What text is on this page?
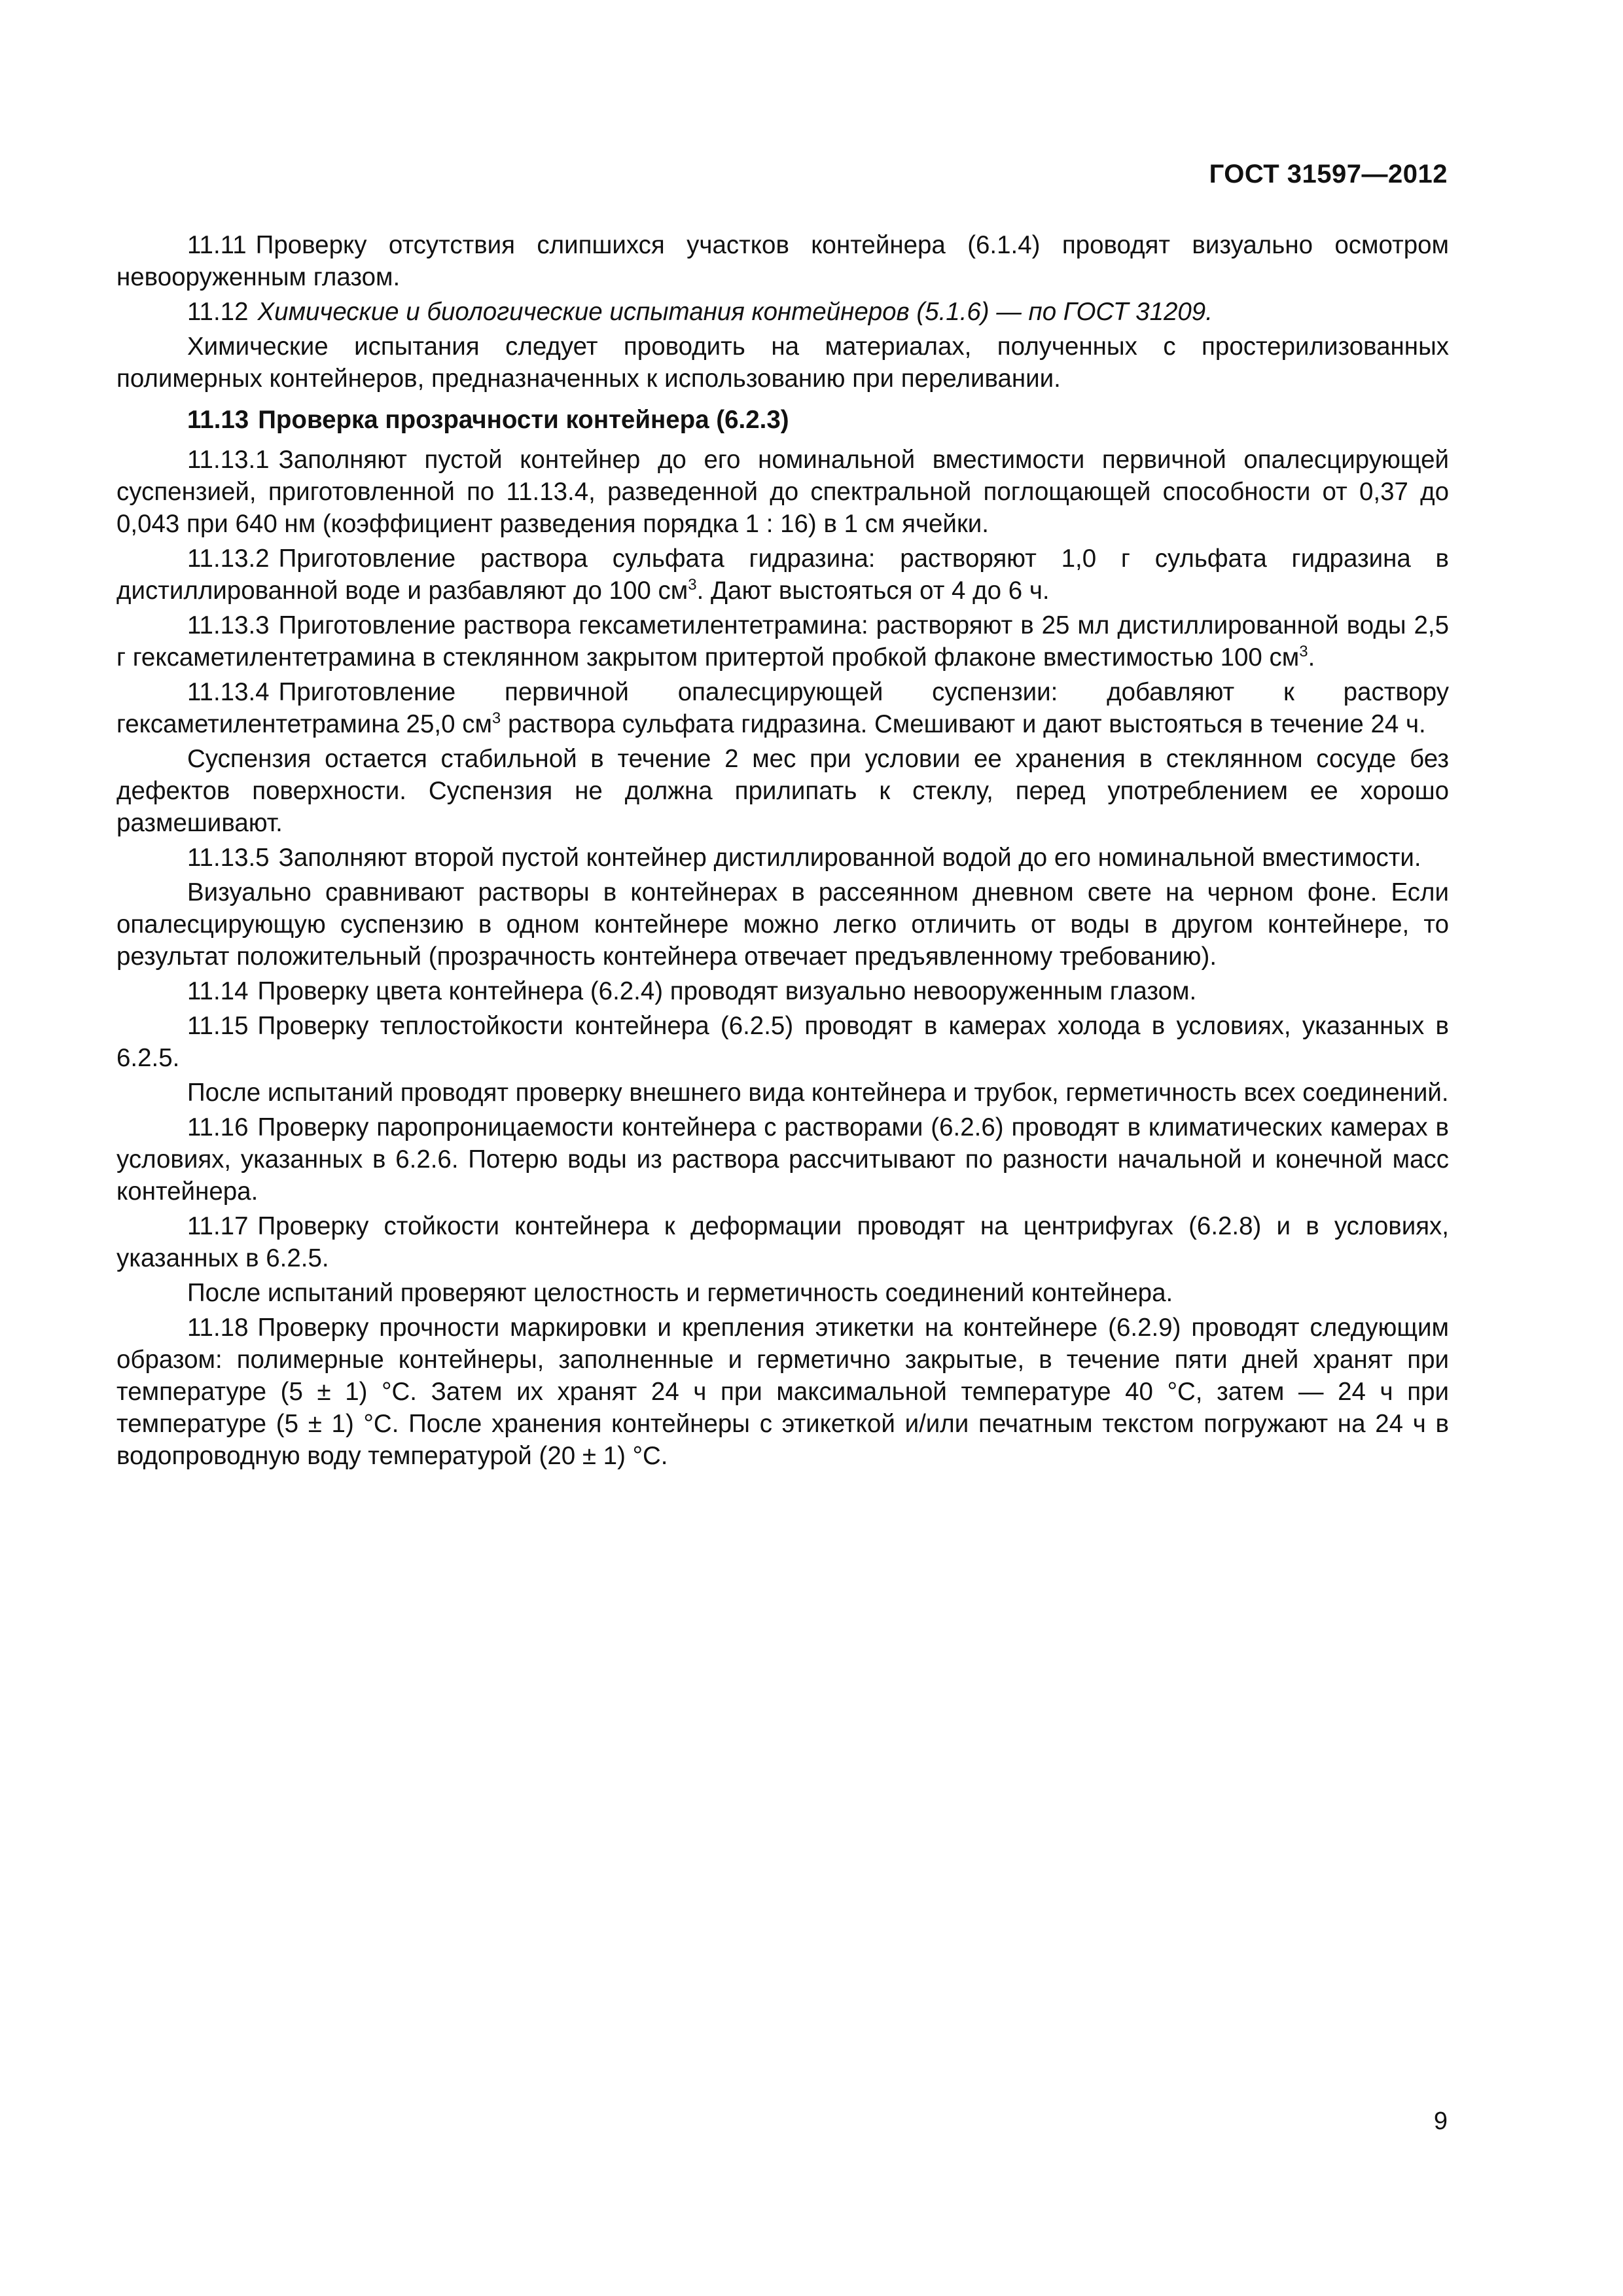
ГОСТ 31597—2012

11.11 Проверку отсутствия слипшихся участков контейнера (6.1.4) проводят визуально осмотром невооруженным глазом.

11.12 Химические и биологические испытания контейнеров (5.1.6) — по ГОСТ 31209.

Химические испытания следует проводить на материалах, полученных с простерилизованных полимерных контейнеров, предназначенных к использованию при переливании.

11.13 Проверка прозрачности контейнера (6.2.3)

11.13.1 Заполняют пустой контейнер до его номинальной вместимости первичной опалесцирующей суспензией, приготовленной по 11.13.4, разведенной до спектральной поглощающей способности от 0,37 до 0,043 при 640 нм (коэффициент разведения порядка 1 : 16) в 1 см ячейки.

11.13.2 Приготовление раствора сульфата гидразина: растворяют 1,0 г сульфата гидразина в дистиллированной воде и разбавляют до 100 $см^3$. Дают выстояться от 4 до 6 ч.

11.13.3 Приготовление раствора гексаметилентетрамина: растворяют в 25 мл дистиллированной воды 2,5 г гексаметилентетрамина в стеклянном закрытом притертой пробкой флаконе вместимостью 100 $см^3$.

11.13.4 Приготовление первичной опалесцирующей суспензии: добавляют к раствору гексаметилентетрамина 25,0 $см^3$ раствора сульфата гидразина. Смешивают и дают выстояться в течение 24 ч.

Суспензия остается стабильной в течение 2 мес при условии ее хранения в стеклянном сосуде без дефектов поверхности. Суспензия не должна прилипать к стеклу, перед употреблением ее хорошо размешивают.

11.13.5 Заполняют второй пустой контейнер дистиллированной водой до его номинальной вместимости.

Визуально сравнивают растворы в контейнерах в рассеянном дневном свете на черном фоне. Если опалесцирующую суспензию в одном контейнере можно легко отличить от воды в другом контейнере, то результат положительный (прозрачность контейнера отвечает предъявленному требованию).

11.14 Проверку цвета контейнера (6.2.4) проводят визуально невооруженным глазом.

11.15 Проверку теплостойкости контейнера (6.2.5) проводят в камерах холода в условиях, указанных в 6.2.5.

После испытаний проводят проверку внешнего вида контейнера и трубок, герметичность всех соединений.

11.16 Проверку паропроницаемости контейнера с растворами (6.2.6) проводят в климатических камерах в условиях, указанных в 6.2.6. Потерю воды из раствора рассчитывают по разности начальной и конечной масс контейнера.

11.17 Проверку стойкости контейнера к деформации проводят на центрифугах (6.2.8) и в условиях, указанных в 6.2.5.

После испытаний проверяют целостность и герметичность соединений контейнера.

11.18 Проверку прочности маркировки и крепления этикетки на контейнере (6.2.9) проводят следующим образом: полимерные контейнеры, заполненные и герметично закрытые, в течение пяти дней хранят при температуре (5 ± 1) °С. Затем их хранят 24 ч при максимальной температуре 40 °С, затем — 24 ч при температуре (5 ± 1) °С. После хранения контейнеры с этикеткой и/или печатным текстом погружают на 24 ч в водопроводную воду температурой (20 ± 1) °С.

9
